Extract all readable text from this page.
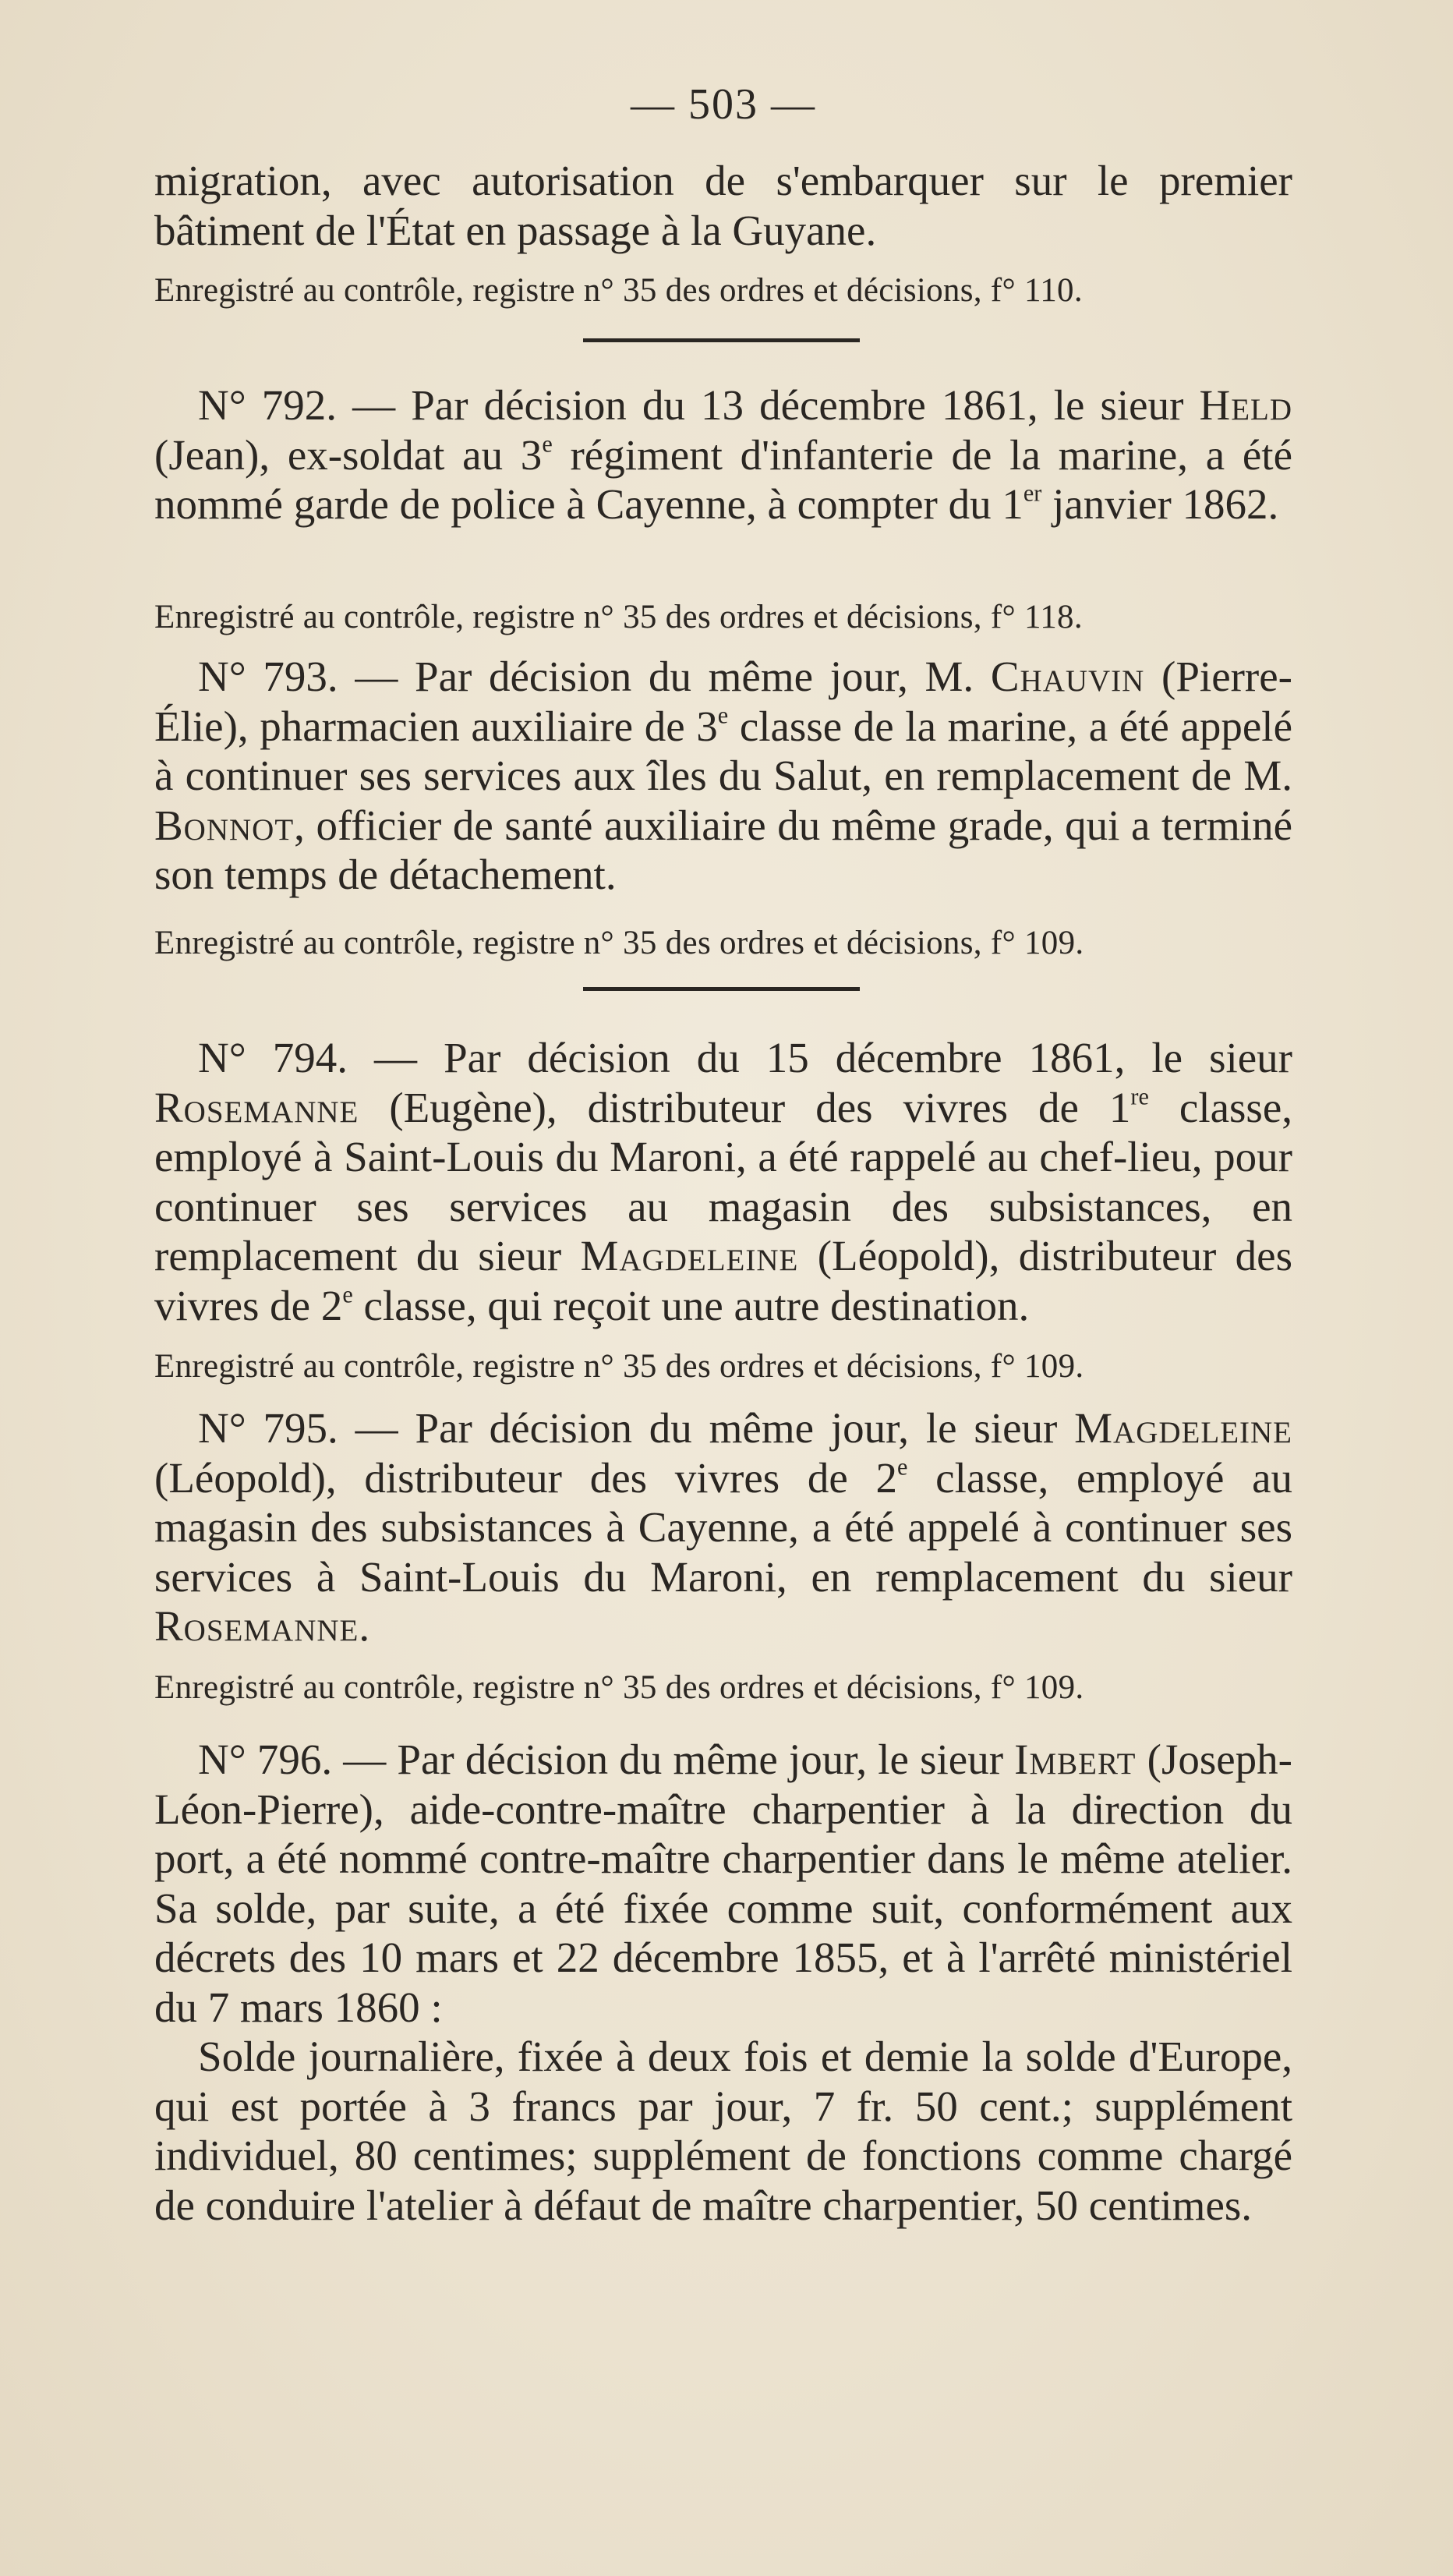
— 503 —

migration, avec autorisation de s'embarquer sur le premier bâtiment de l'État en passage à la Guyane.

Enregistré au contrôle, registre n° 35 des ordres et décisions, f° 110.

N° 792. — Par décision du 13 décembre 1861, le sieur Held (Jean), ex-soldat au 3e régiment d'infanterie de la marine, a été nommé garde de police à Cayenne, à compter du 1er janvier 1862.

Enregistré au contrôle, registre n° 35 des ordres et décisions, f° 118.

N° 793. — Par décision du même jour, M. Chauvin (Pierre-Élie), pharmacien auxiliaire de 3e classe de la marine, a été appelé à continuer ses services aux îles du Salut, en remplacement de M. Bonnot, officier de santé auxiliaire du même grade, qui a terminé son temps de détachement.

Enregistré au contrôle, registre n° 35 des ordres et décisions, f° 109.

N° 794. — Par décision du 15 décembre 1861, le sieur Rosemanne (Eugène), distributeur des vivres de 1re classe, employé à Saint-Louis du Maroni, a été rappelé au chef-lieu, pour continuer ses services au magasin des subsistances, en remplacement du sieur Magdeleine (Léopold), distributeur des vivres de 2e classe, qui reçoit une autre destination.

Enregistré au contrôle, registre n° 35 des ordres et décisions, f° 109.

N° 795. — Par décision du même jour, le sieur Magdeleine (Léopold), distributeur des vivres de 2e classe, employé au magasin des subsistances à Cayenne, a été appelé à continuer ses services à Saint-Louis du Maroni, en remplacement du sieur Rosemanne.

Enregistré au contrôle, registre n° 35 des ordres et décisions, f° 109.

N° 796. — Par décision du même jour, le sieur Imbert (Joseph-Léon-Pierre), aide-contre-maître charpentier à la direction du port, a été nommé contre-maître charpentier dans le même atelier. Sa solde, par suite, a été fixée comme suit, conformément aux décrets des 10 mars et 22 décembre 1855, et à l'arrêté ministériel du 7 mars 1860 :

Solde journalière, fixée à deux fois et demie la solde d'Europe, qui est portée à 3 francs par jour, 7 fr. 50 cent.; supplément individuel, 80 centimes; supplément de fonctions comme chargé de conduire l'atelier à défaut de maître charpentier, 50 centimes.
